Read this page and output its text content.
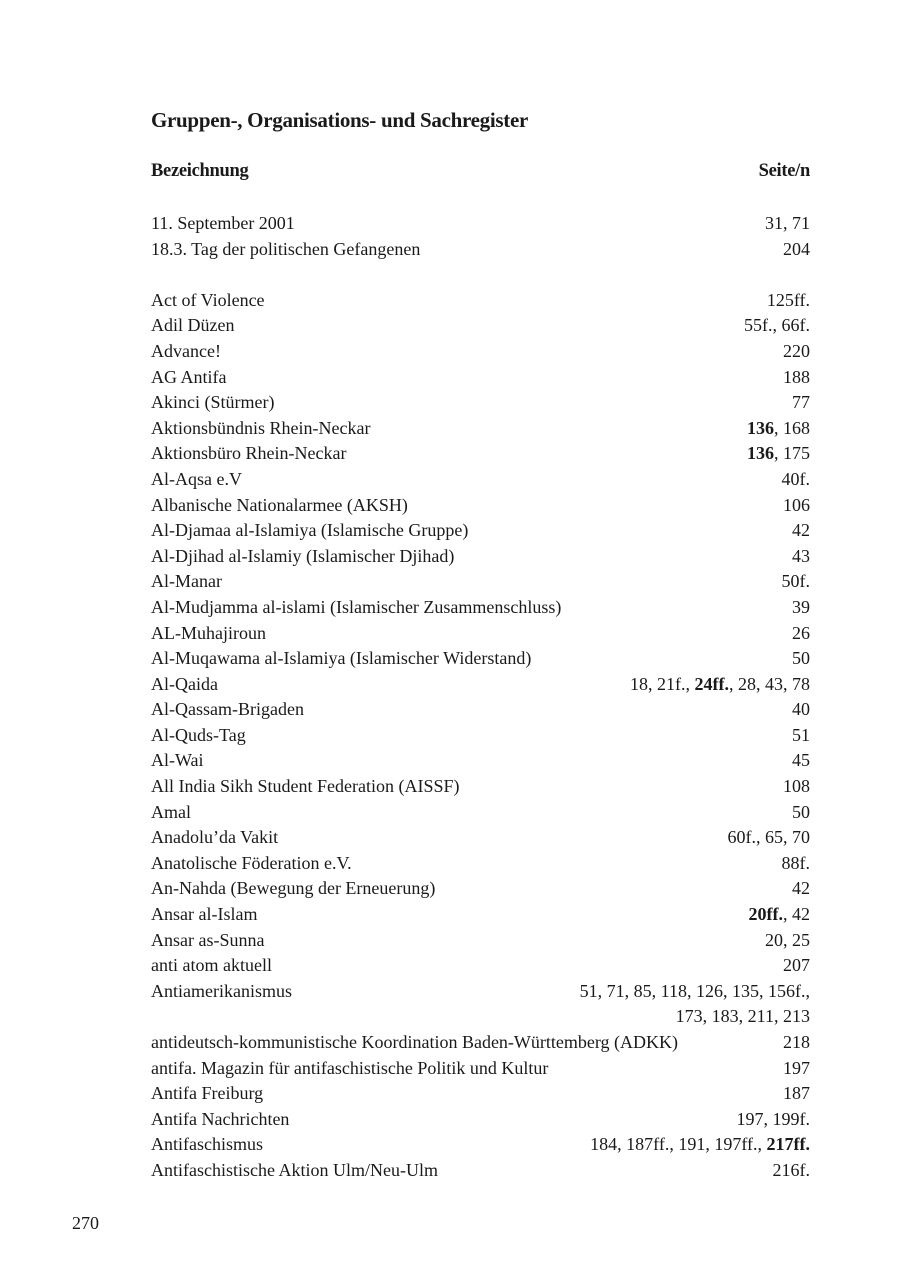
Gruppen-, Organisations- und Sachregister
Bezeichnung	Seite/n
11. September 2001	31, 71
18.3. Tag der politischen Gefangenen	204
Act of Violence	125ff.
Adil Düzen	55f., 66f.
Advance!	220
AG Antifa	188
Akinci (Stürmer)	77
Aktionsbündnis Rhein-Neckar	136, 168
Aktionsbüro Rhein-Neckar	136, 175
Al-Aqsa e.V	40f.
Albanische Nationalarmee (AKSH)	106
Al-Djamaa al-Islamiya (Islamische Gruppe)	42
Al-Djihad al-Islamiy (Islamischer Djihad)	43
Al-Manar	50f.
Al-Mudjamma al-islami (Islamischer Zusammenschluss)	39
AL-Muhajiroun	26
Al-Muqawama al-Islamiya (Islamischer Widerstand)	50
Al-Qaida	18, 21f., 24ff., 28, 43, 78
Al-Qassam-Brigaden	40
Al-Quds-Tag	51
Al-Wai	45
All India Sikh Student Federation (AISSF)	108
Amal	50
Anadolu’da Vakit	60f., 65, 70
Anatolische Föderation e.V.	88f.
An-Nahda (Bewegung der Erneuerung)	42
Ansar al-Islam	20ff., 42
Ansar as-Sunna	20, 25
anti atom aktuell	207
Antiamerikanismus	51, 71, 85, 118, 126, 135, 156f.,
173, 183, 211, 213
antideutsch-kommunistische Koordination Baden-Württemberg (ADKK)	218
antifa. Magazin für antifaschistische Politik und Kultur	197
Antifa Freiburg	187
Antifa Nachrichten	197, 199f.
Antifaschismus	184, 187ff., 191, 197ff., 217ff.
Antifaschistische Aktion Ulm/Neu-Ulm	216f.
270
